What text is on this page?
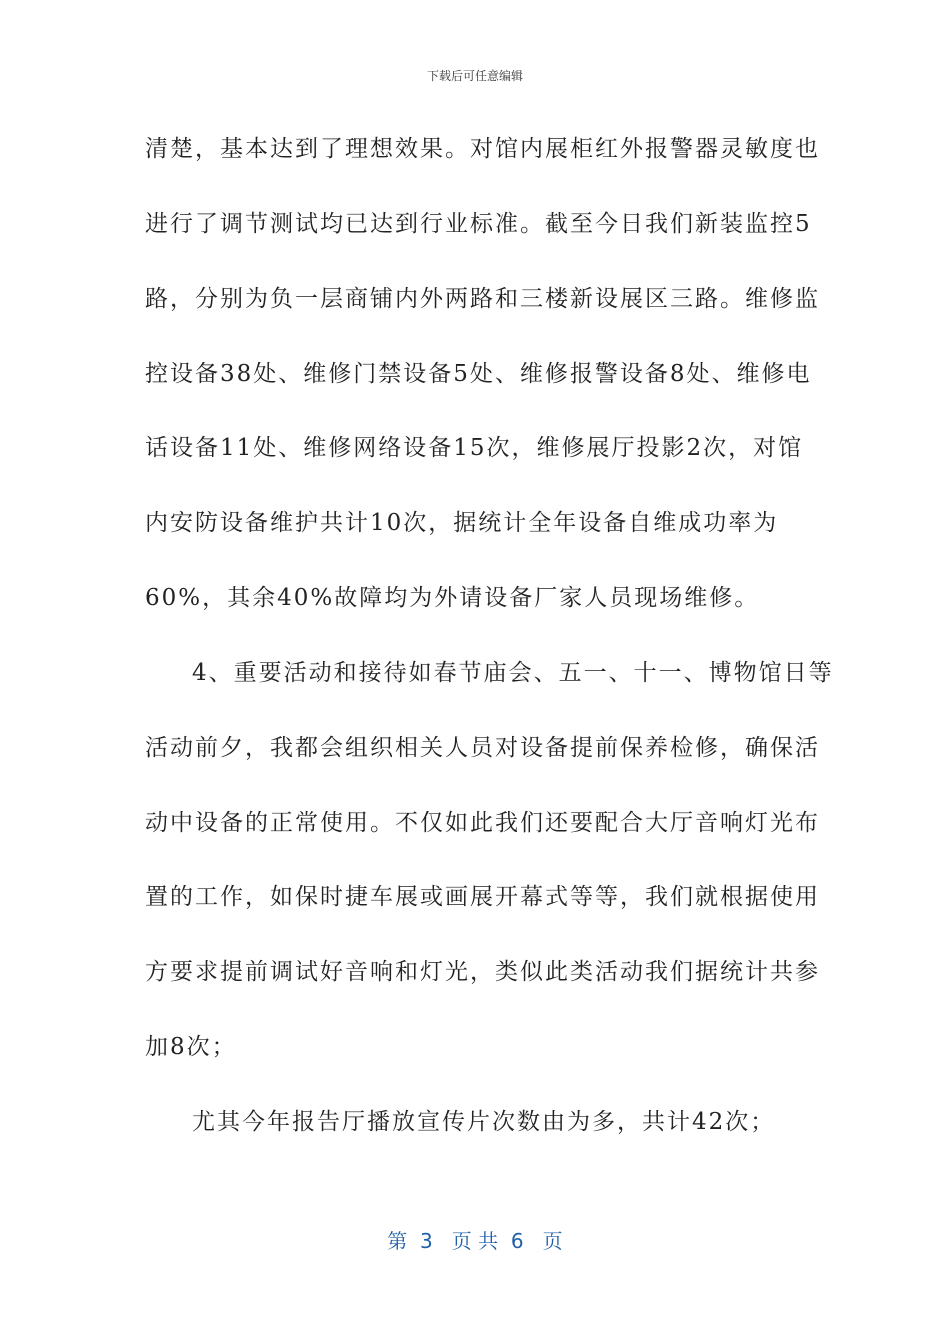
下载后可任意编辑
清楚，基本达到了理想效果。对馆内展柜红外报警器灵敏度也
进行了调节测试均已达到行业标准。截至今日我们新装监控5
路，分别为负一层商铺内外两路和三楼新设展区三路。维修监
控设备38处、维修门禁设备5处、维修报警设备8处、维修电
话设备11处、维修网络设备15次，维修展厅投影2次，对馆
内安防设备维护共计10次，据统计全年设备自维成功率为
60%，其余40%故障均为外请设备厂家人员现场维修。
4、重要活动和接待如春节庙会、五一、十一、博物馆日等
活动前夕，我都会组织相关人员对设备提前保养检修，确保活
动中设备的正常使用。不仅如此我们还要配合大厅音响灯光布
置的工作，如保时捷车展或画展开幕式等等，我们就根据使用
方要求提前调试好音响和灯光，类似此类活动我们据统计共参
加8次；
尤其今年报告厅播放宣传片次数由为多，共计42次；
第  3   页 共  6   页
